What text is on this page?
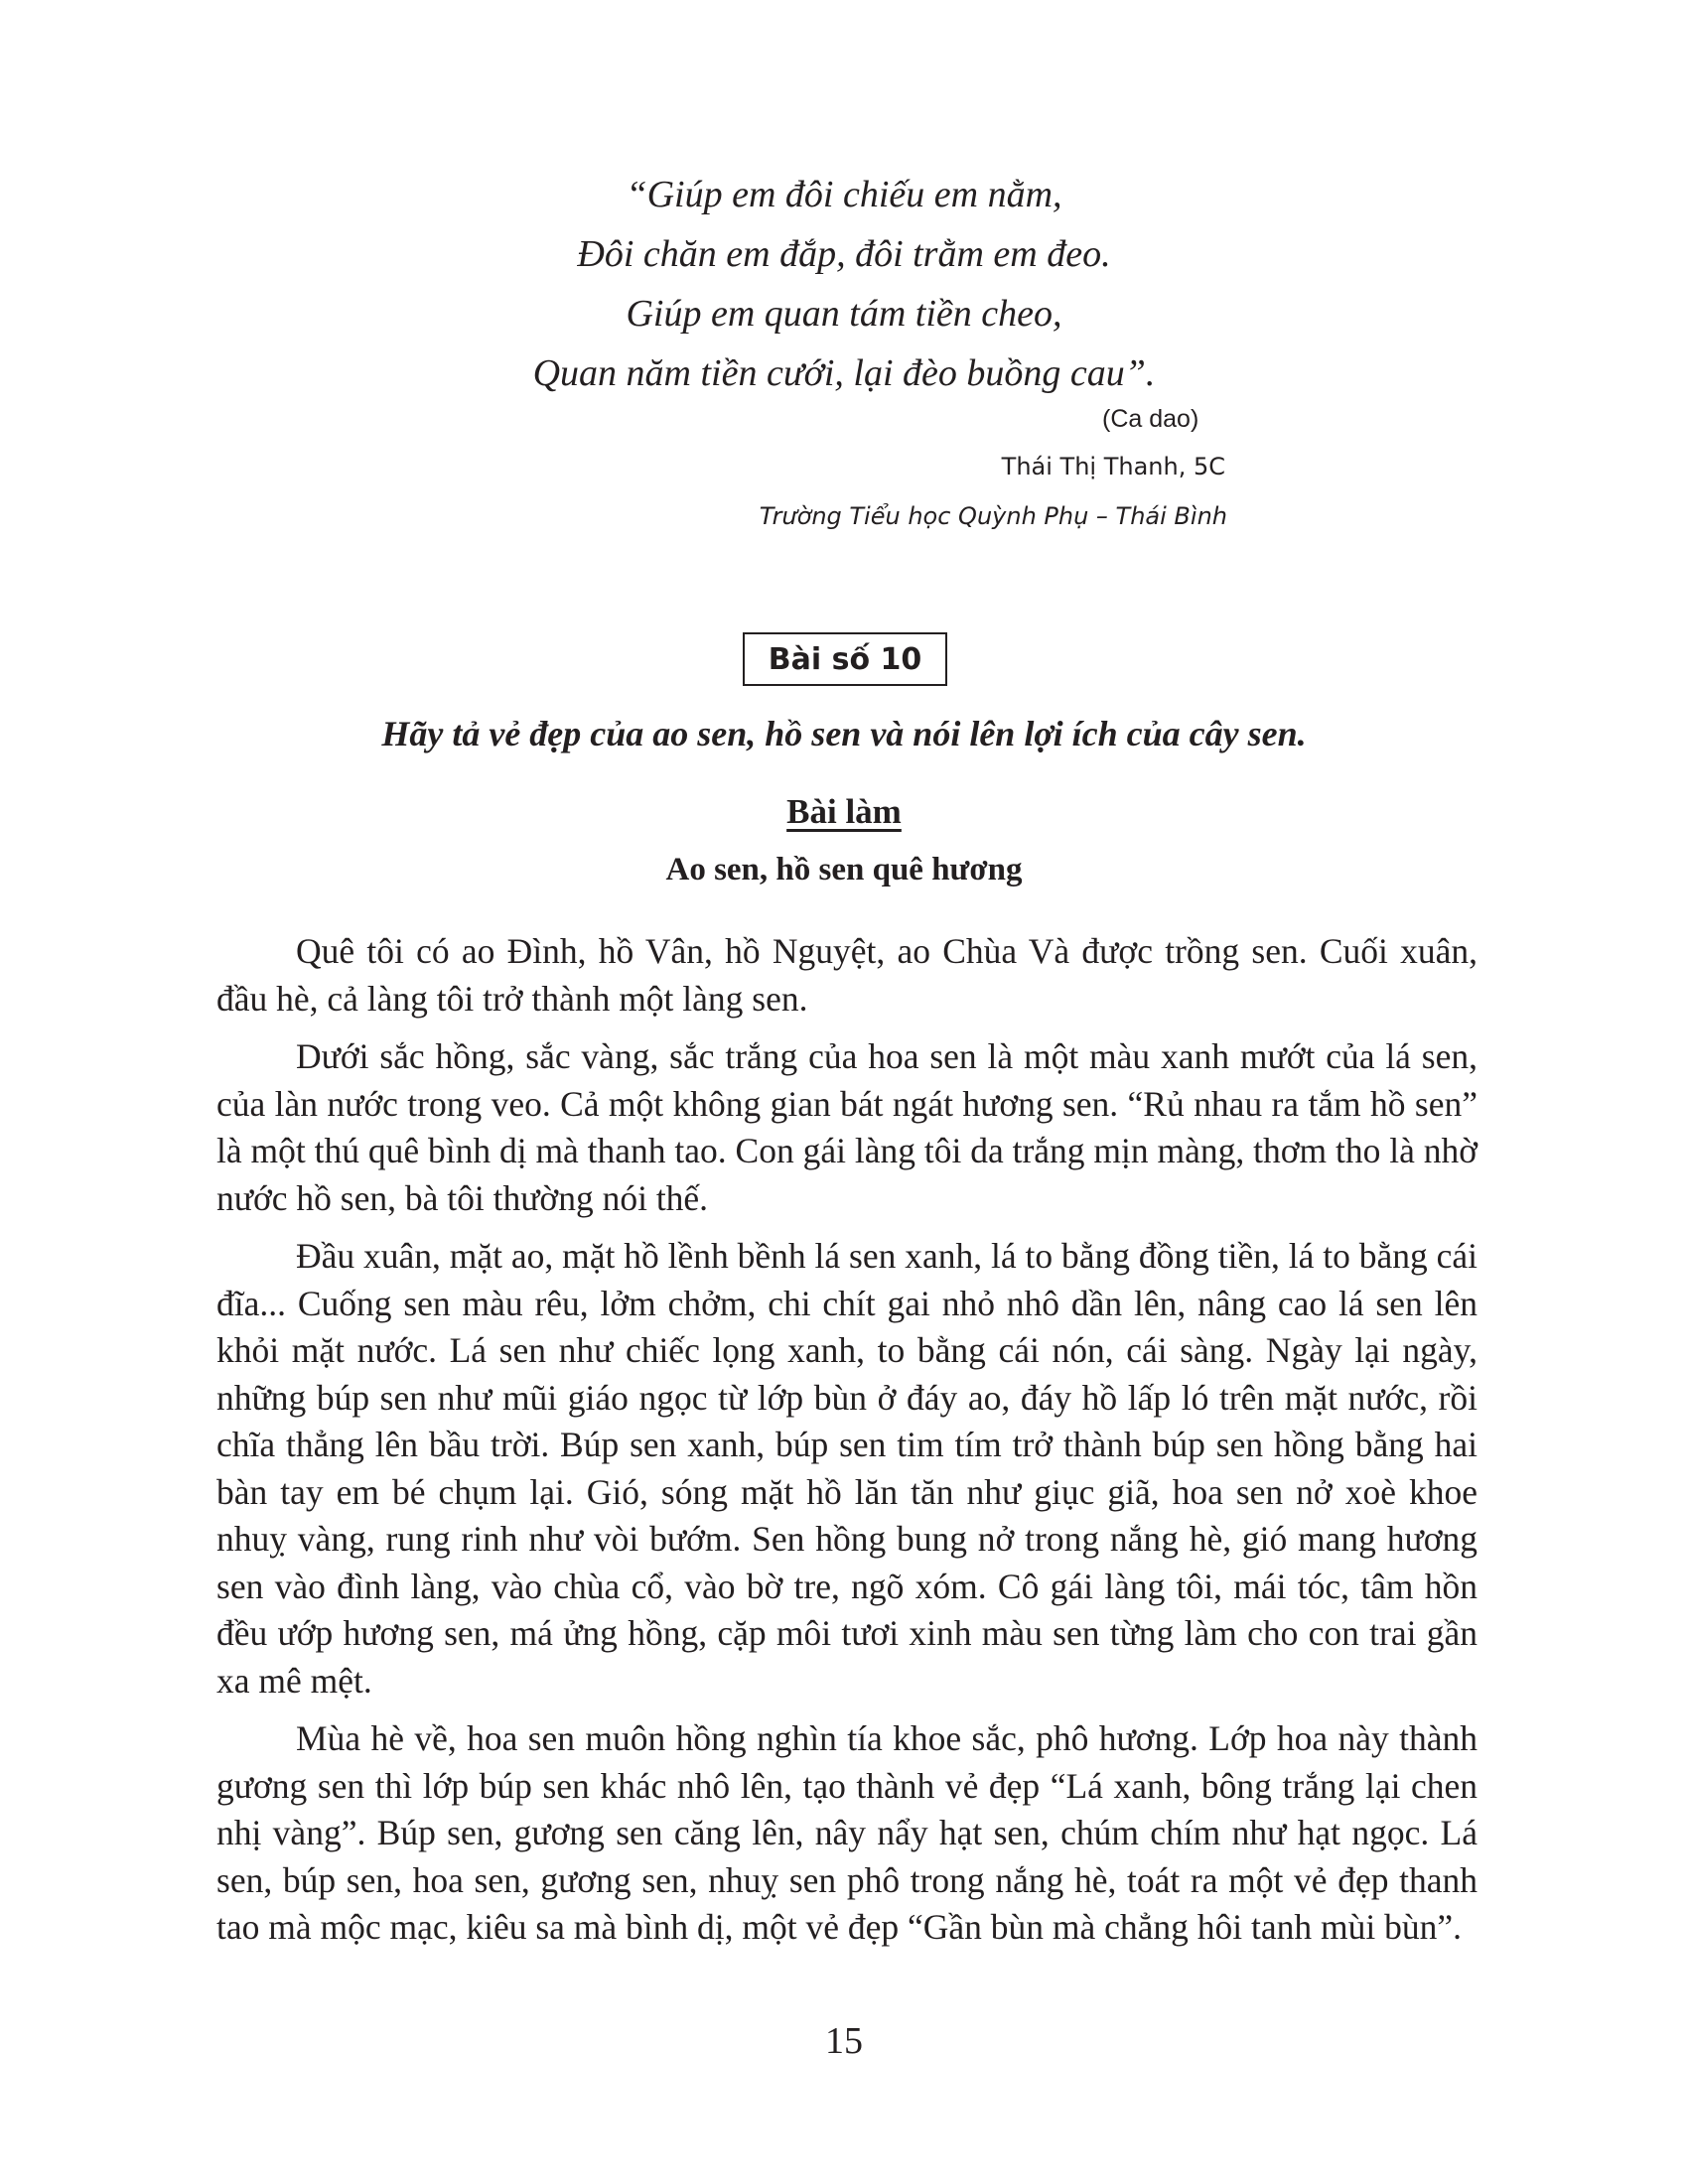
“Giúp em đôi chiếu em nằm,
Đôi chăn em đắp, đôi trằm em đeo.
Giúp em quan tám tiền cheo,
Quan năm tiền cưới, lại đèo buồng cau”.
(Ca dao)
Thái Thị Thanh, 5C
Trường Tiểu học Quỳnh Phụ – Thái Bình
Bài số 10
Hãy tả vẻ đẹp của ao sen, hồ sen và nói lên lợi ích của cây sen.
Bài làm
Ao sen, hồ sen quê hương

Quê tôi có ao Đình, hồ Vân, hồ Nguyệt, ao Chùa Và được trồng sen. Cuối xuân, đầu hè, cả làng tôi trở thành một làng sen.

Dưới sắc hồng, sắc vàng, sắc trắng của hoa sen là một màu xanh mướt của lá sen, của làn nước trong veo. Cả một không gian bát ngát hương sen. “Rủ nhau ra tắm hồ sen” là một thú quê bình dị mà thanh tao. Con gái làng tôi da trắng mịn màng, thơm tho là nhờ nước hồ sen, bà tôi thường nói thế.

Đầu xuân, mặt ao, mặt hồ lềnh bềnh lá sen xanh, lá to bằng đồng tiền, lá to bằng cái đĩa... Cuống sen màu rêu, lởm chởm, chi chít gai nhỏ nhô dần lên, nâng cao lá sen lên khỏi mặt nước. Lá sen như chiếc lọng xanh, to bằng cái nón, cái sàng. Ngày lại ngày, những búp sen như mũi giáo ngọc từ lớp bùn ở đáy ao, đáy hồ lấp ló trên mặt nước, rồi chĩa thẳng lên bầu trời. Búp sen xanh, búp sen tim tím trở thành búp sen hồng bằng hai bàn tay em bé chụm lại. Gió, sóng mặt hồ lăn tăn như giục giã, hoa sen nở xoè khoe nhuỵ vàng, rung rinh như vòi bướm. Sen hồng bung nở trong nắng hè, gió mang hương sen vào đình làng, vào chùa cổ, vào bờ tre, ngõ xóm. Cô gái làng tôi, mái tóc, tâm hồn đều ướp hương sen, má ửng hồng, cặp môi tươi xinh màu sen từng làm cho con trai gần xa mê mệt.

Mùa hè về, hoa sen muôn hồng nghìn tía khoe sắc, phô hương. Lớp hoa này thành gương sen thì lớp búp sen khác nhô lên, tạo thành vẻ đẹp “Lá xanh, bông trắng lại chen nhị vàng”. Búp sen, gương sen căng lên, nây nẩy hạt sen, chúm chím như hạt ngọc. Lá sen, búp sen, hoa sen, gương sen, nhuỵ sen phô trong nắng hè, toát ra một vẻ đẹp thanh tao mà mộc mạc, kiêu sa mà bình dị, một vẻ đẹp “Gần bùn mà chẳng hôi tanh mùi bùn”.

15
